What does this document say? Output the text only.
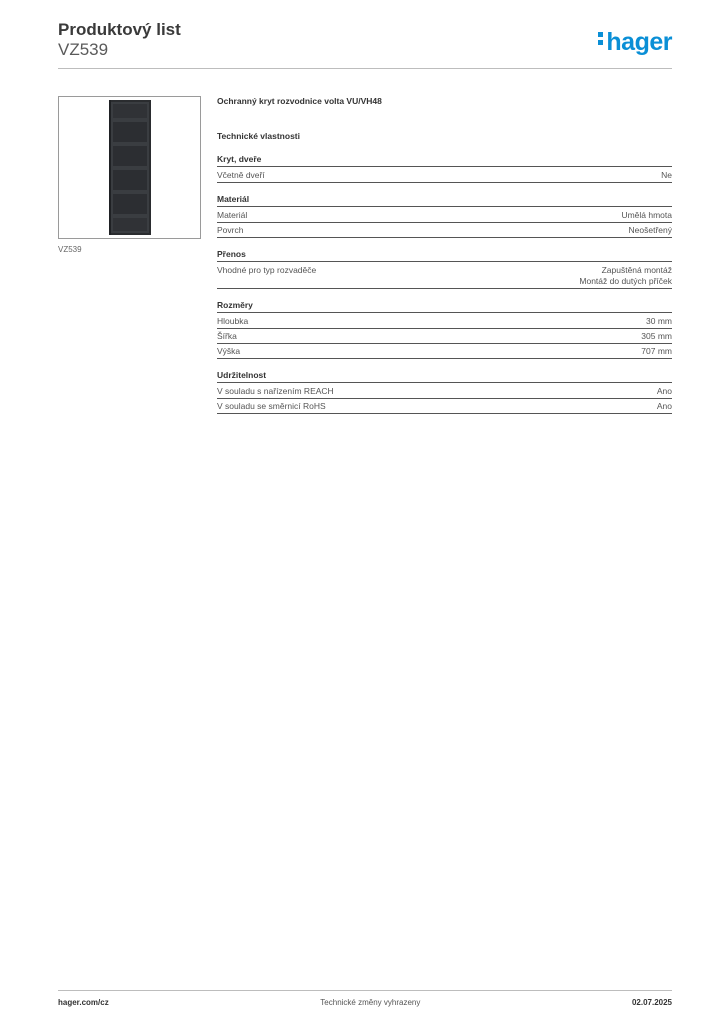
Produktový list
VZ539	hager
VZ539
Ochranný kryt rozvodnice volta VU/VH48
Technické vlastnosti
Kryt, dveře
Včetně dveří	Ne
Materiál
Materiál	Umělá hmota
Povrch	Neošetřený
Přenos
Vhodné pro typ rozvaděče	Zapuštěná montáž
Montáž do dutých příček
Rozměry
Hloubka	30 mm
Šířka	305 mm
Výška	707 mm
Udržitelnost
V souladu s nařízením REACH	Ano
V souladu se směrnicí RoHS	Ano
hager.com/cz	Technické změny vyhrazeny	02.07.2025
